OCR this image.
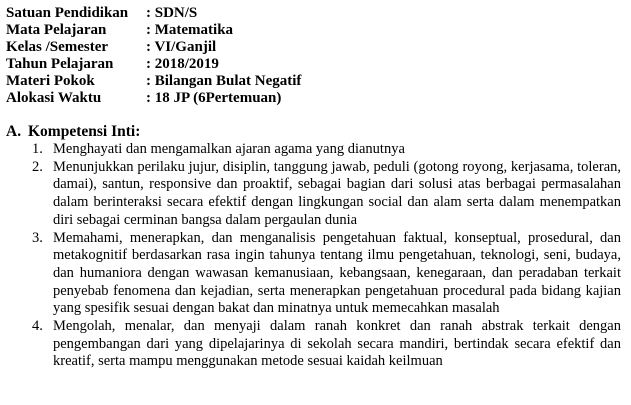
Satuan Pendidikan	: SDN/S
Mata Pelajaran	: Matematika
Kelas /Semester	: VI/Ganjil
Tahun Pelajaran	: 2018/2019
Materi Pokok	: Bilangan Bulat Negatif
Alokasi Waktu	: 18 JP (6Pertemuan)
A. Kompetensi Inti:
1. Menghayati dan mengamalkan ajaran agama yang dianutnya
2. Menunjukkan perilaku jujur, disiplin, tanggung jawab, peduli (gotong royong, kerjasama, toleran, damai), santun, responsive dan proaktif, sebagai bagian dari solusi atas berbagai permasalahan dalam berinteraksi secara efektif dengan lingkungan social dan alam serta dalam menempatkan diri sebagai cerminan bangsa dalam pergaulan dunia
3. Memahami, menerapkan, dan menganalisis pengetahuan faktual, konseptual, prosedural, dan metakognitif berdasarkan rasa ingin tahunya tentang ilmu pengetahuan, teknologi, seni, budaya, dan humaniora dengan wawasan kemanusiaan, kebangsaan, kenegaraan, dan peradaban terkait penyebab fenomena dan kejadian, serta menerapkan pengetahuan procedural pada bidang kajian yang spesifik sesuai dengan bakat dan minatnya untuk memecahkan masalah
4. Mengolah, menalar, dan menyaji dalam ranah konkret dan ranah abstrak terkait dengan pengembangan dari yang dipelajarinya di sekolah secara mandiri, bertindak secara efektif dan kreatif, serta mampu menggunakan metode sesuai kaidah keilmuan
